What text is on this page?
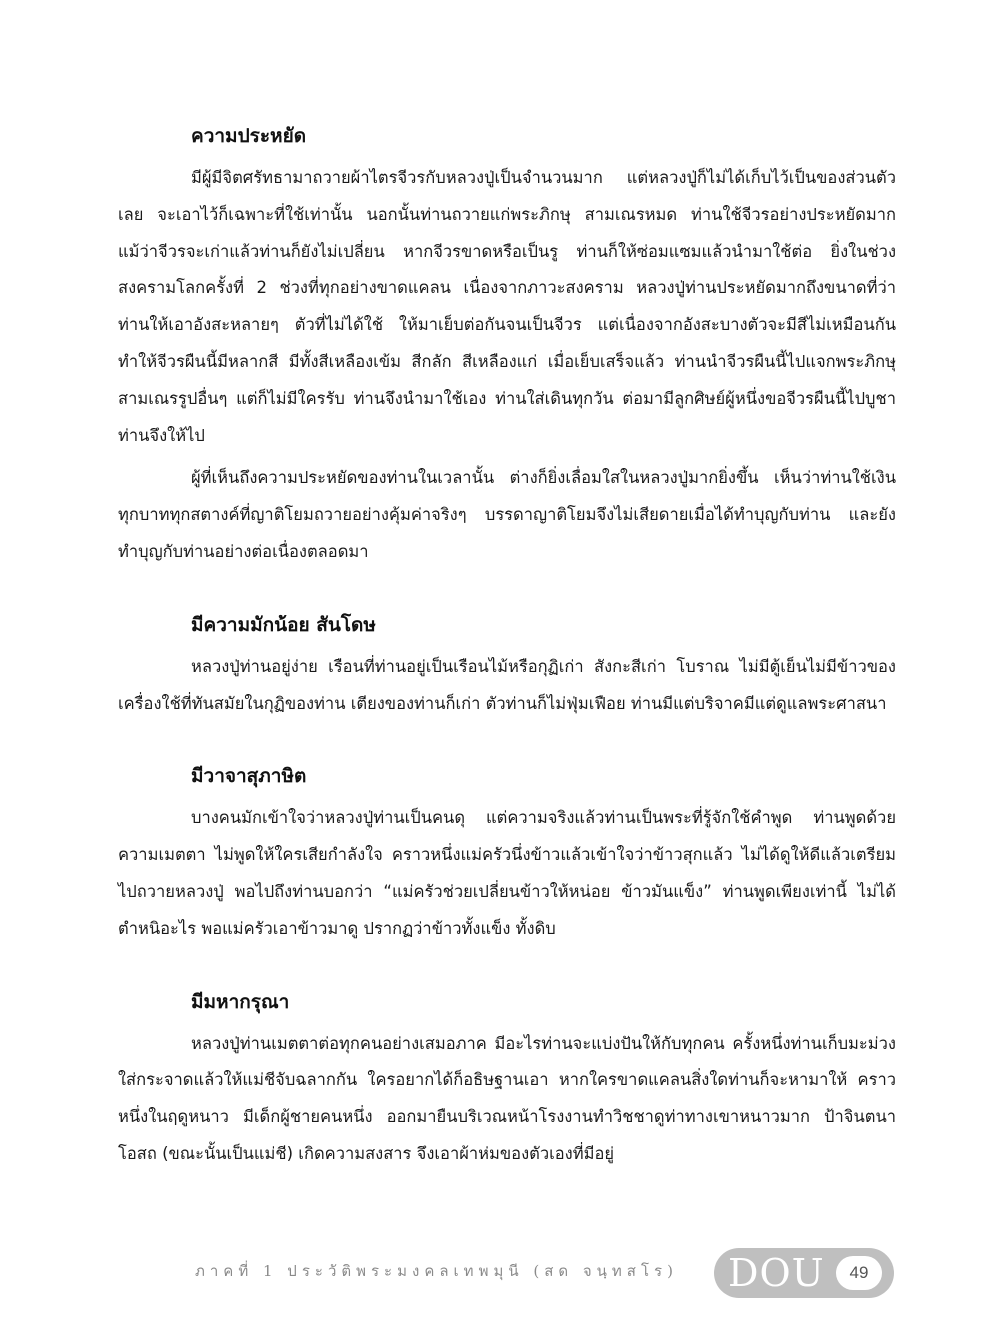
ความประหยัด

มีผู้มีจิตศรัทธามาถวายผ้าไตรจีวรกับหลวงปู่เป็นจำนวนมาก แต่หลวงปู่ก็ไม่ได้เก็บไว้เป็นของส่วนตัวเลย จะเอาไว้ก็เฉพาะที่ใช้เท่านั้น นอกนั้นท่านถวายแก่พระภิกษุ สามเณรหมด ท่านใช้จีวรอย่างประหยัดมาก แม้ว่าจีวรจะเก่าแล้วท่านก็ยังไม่เปลี่ยน หากจีวรขาดหรือเป็นรู ท่านก็ให้ซ่อมแซมแล้วนำมาใช้ต่อ ยิ่งในช่วงสงครามโลกครั้งที่ 2 ช่วงที่ทุกอย่างขาดแคลน เนื่องจากภาวะสงคราม หลวงปู่ท่านประหยัดมากถึงขนาดที่ว่า ท่านให้เอาอังสะหลายๆ ตัวที่ไม่ได้ใช้ ให้มาเย็บต่อกันจนเป็นจีวร แต่เนื่องจากอังสะบางตัวจะมีสีไม่เหมือนกัน ทำให้จีวรผืนนี้มีหลากสี มีทั้งสีเหลืองเข้ม สีกลัก สีเหลืองแก่ เมื่อเย็บเสร็จแล้ว ท่านนำจีวรผืนนี้ไปแจกพระภิกษุ สามเณรรูปอื่นๆ แต่ก็ไม่มีใครรับ ท่านจึงนำมาใช้เอง ท่านใส่เดินทุกวัน ต่อมามีลูกศิษย์ผู้หนึ่งขอจีวรผืนนี้ไปบูชา ท่านจึงให้ไป

ผู้ที่เห็นถึงความประหยัดของท่านในเวลานั้น ต่างก็ยิ่งเลื่อมใสในหลวงปู่มากยิ่งขึ้น เห็นว่าท่านใช้เงินทุกบาททุกสตางค์ที่ญาติโยมถวายอย่างคุ้มค่าจริงๆ บรรดาญาติโยมจึงไม่เสียดายเมื่อได้ทำบุญกับท่าน และยังทำบุญกับท่านอย่างต่อเนื่องตลอดมา

มีความมักน้อย สันโดษ

หลวงปู่ท่านอยู่ง่าย เรือนที่ท่านอยู่เป็นเรือนไม้หรือกุฏิเก่า สังกะสีเก่า โบราณ ไม่มีตู้เย็นไม่มีข้าวของเครื่องใช้ที่ทันสมัยในกุฏิของท่าน เตียงของท่านก็เก่า ตัวท่านก็ไม่ฟุ่มเฟือย ท่านมีแต่บริจาคมีแต่ดูแลพระศาสนา

มีวาจาสุภาษิต

บางคนมักเข้าใจว่าหลวงปู่ท่านเป็นคนดุ แต่ความจริงแล้วท่านเป็นพระที่รู้จักใช้คำพูด ท่านพูดด้วยความเมตตา ไม่พูดให้ใครเสียกำลังใจ คราวหนึ่งแม่ครัวนึ่งข้าวแล้วเข้าใจว่าข้าวสุกแล้ว ไม่ได้ดูให้ดีแล้วเตรียมไปถวายหลวงปู่ พอไปถึงท่านบอกว่า “แม่ครัวช่วยเปลี่ยนข้าวให้หน่อย ข้าวมันแข็ง” ท่านพูดเพียงเท่านี้ ไม่ได้ตำหนิอะไร พอแม่ครัวเอาข้าวมาดู ปรากฏว่าข้าวทั้งแข็ง ทั้งดิบ

มีมหากรุณา

หลวงปู่ท่านเมตตาต่อทุกคนอย่างเสมอภาค มีอะไรท่านจะแบ่งปันให้กับทุกคน ครั้งหนึ่งท่านเก็บมะม่วงใส่กระจาดแล้วให้แม่ชีจับฉลากกัน ใครอยากได้ก็อธิษฐานเอา หากใครขาดแคลนสิ่งใดท่านก็จะหามาให้ คราวหนึ่งในฤดูหนาว มีเด็กผู้ชายคนหนึ่ง ออกมายืนบริเวณหน้าโรงงานทำวิชชาดูท่าทางเขาหนาวมาก ป้าจินตนา โอสถ (ขณะนั้นเป็นแม่ชี) เกิดความสงสาร จึงเอาผ้าห่มของตัวเองที่มีอยู่

ภาคที่ 1 ประวัติพระมงคลเทพมุนี (สด จนฺทสโร) DOU	49
